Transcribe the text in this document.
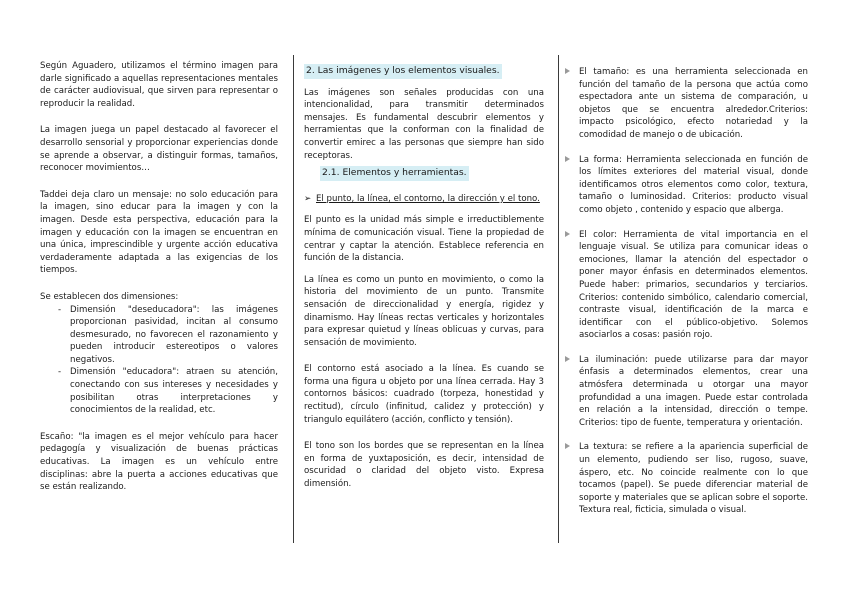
Según Aguadero, utilizamos el término imagen para darle significado a aquellas representaciones mentales de carácter audiovisual, que sirven para representar o reproducir la realidad.

La imagen juega un papel destacado al favorecer el desarrollo sensorial y proporcionar experiencias donde se aprende a observar, a distinguir formas, tamaños, reconocer movimientos…

Taddei deja claro un mensaje: no solo educación para la imagen, sino educar para la imagen y con la imagen. Desde esta perspectiva, educación para la imagen y educación con la imagen se encuentran en una única, imprescindible y urgente acción educativa verdaderamente adaptada a las exigencias de los tiempos.

Se establecen dos dimensiones:

- Dimensión "deseducadora": las imágenes proporcionan pasividad, incitan al consumo desmesurado, no favorecen el razonamiento y pueden introducir estereotipos o valores negativos.
- Dimensión "educadora": atraen su atención, conectando con sus intereses y necesidades y posibilitan otras interpretaciones y conocimientos de la realidad, etc.

Escaño: "la imagen es el mejor vehículo para hacer pedagogía y visualización de buenas prácticas educativas. La imagen es un vehículo entre disciplinas: abre la puerta a acciones educativas que se están realizando.

2. Las imágenes y los elementos visuales.

Las imágenes son señales producidas con una intencionalidad, para transmitir determinados mensajes. Es fundamental descubrir elementos y herramientas que la conforman con la finalidad de convertir emirec a las personas que siempre han sido receptoras.

2.1. Elementos y herramientas.
➢ El punto, la línea, el contorno, la dirección y el tono.

El punto es la unidad más simple e irreductiblemente mínima de comunicación visual. Tiene la propiedad de centrar y captar la atención. Establece referencia en función de la distancia.

La línea es como un punto en movimiento, o como la historia del movimiento de un punto. Transmite sensación de direccionalidad y energía, rigidez y dinamismo. Hay líneas rectas verticales y horizontales para expresar quietud y líneas oblicuas y curvas, para sensación de movimiento.

El contorno está asociado a la línea. Es cuando se forma una figura u objeto por una línea cerrada. Hay 3 contornos básicos: cuadrado (torpeza, honestidad y rectitud), círculo (infinitud, calidez y protección) y triangulo equilátero (acción, conflicto y tensión).

El tono son los bordes que se representan en la línea en forma de yuxtaposición, es decir, intensidad de oscuridad o claridad del objeto visto. Expresa dimensión.

El tamaño: es una herramienta seleccionada en función del tamaño de la persona que actúa como espectadora ante un sistema de comparación, u objetos que se encuentra alrededor.Criterios: impacto psicológico, efecto notariedad y la comodidad de manejo o de ubicación.

La forma: Herramienta seleccionada en función de los límites exteriores del material visual, donde identificamos otros elementos como color, textura, tamaño o luminosidad. Criterios: producto visual como objeto , contenido y espacio que alberga.

El color: Herramienta de vital importancia en el lenguaje visual. Se utiliza para comunicar ideas o emociones, llamar la atención del espectador o poner mayor énfasis en determinados elementos. Puede haber: primarios, secundarios y terciarios. Criterios: contenido simbólico, calendario comercial, contraste visual, identificación de la marca e identificar con el público-objetivo. Solemos asociarlos a cosas: pasión rojo.

La iluminación: puede utilizarse para dar mayor énfasis a determinados elementos, crear una atmósfera determinada u otorgar una mayor profundidad a una imagen. Puede estar controlada en relación a la intensidad, dirección o tempe. Criterios: tipo de fuente, temperatura y orientación.

La textura: se refiere a la apariencia superficial de un elemento, pudiendo ser liso, rugoso, suave, áspero, etc. No coincide realmente con lo que tocamos (papel). Se puede diferenciar material de soporte y materiales que se aplican sobre el soporte. Textura real, ficticia, simulada o visual.
